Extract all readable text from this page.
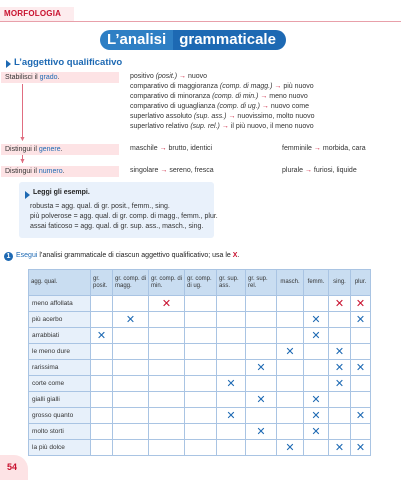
MORFOLOGIA
L’analisi grammaticale
L’aggettivo qualificativo
Stabilisci il grado.	positivo (posit.) → nuovo
comparativo di maggioranza (comp. di magg.) → più nuovo
comparativo di minoranza (comp. di min.) → meno nuovo
comparativo di uguaglianza (comp. di ug.) → nuovo come
superlativo assoluto (sup. ass.) → nuovissimo, molto nuovo
superlativo relativo (sup. rel.) → il più nuovo, il meno nuovo
▼
Distingui il genere.	maschile → brutto, identici	femminile → morbida, cara
▼
Distingui il numero.	singolare → sereno, fresca	plurale → furiosi, liquide
Leggi gli esempi.
robusta = agg. qual. di gr. posit., femm., sing.
più polverose = agg. qual. di gr. comp. di magg., femm., plur.
assai faticoso = agg. qual. di gr. sup. ass., masch., sing.
1 Esegui l’analisi grammaticale di ciascun aggettivo qualificativo; usa le X.
agg. qual.	gr. posit.	gr. comp. di magg.	gr. comp. di min.	gr. comp. di ug.	gr. sup. ass.	gr. sup. rel.	masch.	femm.	sing.	plur.
meno affollata			✕						✕	✕
più acerbo		✕						✕		✕
arrabbiati	✕							✕		
le meno dure							✕		✕	
rarissima						✕			✕	✕
corte come					✕				✕	
gialli gialli						✕		✕		
grosso quanto					✕			✕		✕
molto storti						✕		✕		
la più dolce							✕		✕	✕
54
